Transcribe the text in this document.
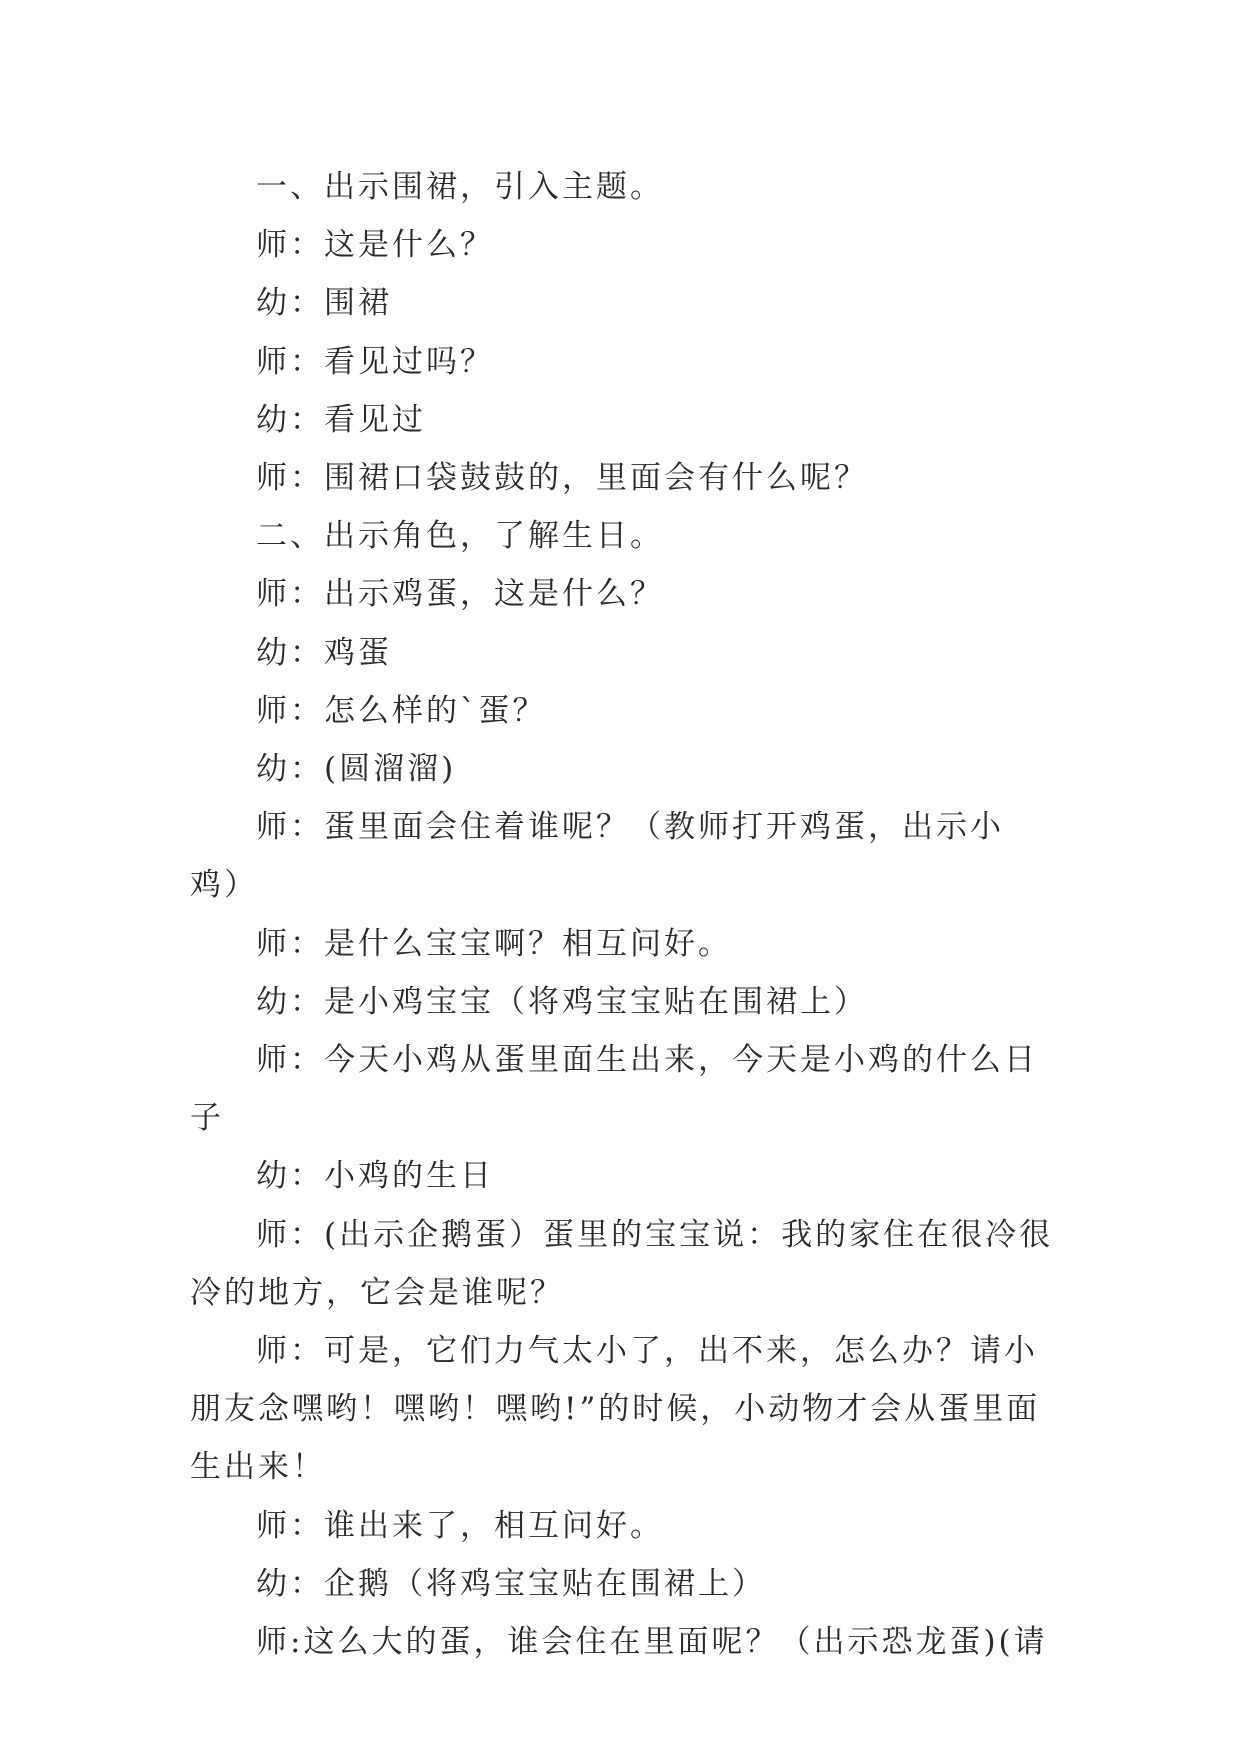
一、出示围裙，引入主题。

师：这是什么？

幼：围裙

师：看见过吗？

幼：看见过

师：围裙口袋鼓鼓的，里面会有什么呢？

二、出示角色，了解生日。

师：出示鸡蛋，这是什么？

幼：鸡蛋

师：怎么样的`蛋？

幼：(圆溜溜)

师：蛋里面会住着谁呢？（教师打开鸡蛋，出示小鸡）

师：是什么宝宝啊？相互问好。

幼：是小鸡宝宝（将鸡宝宝贴在围裙上）

师：今天小鸡从蛋里面生出来，今天是小鸡的什么日子

幼：小鸡的生日

师：(出示企鹅蛋）蛋里的宝宝说：我的家住在很冷很冷的地方，它会是谁呢？

师：可是，它们力气太小了，出不来，怎么办？请小朋友念嘿哟！嘿哟！嘿哟!”的时候，小动物才会从蛋里面生出来！

师：谁出来了，相互问好。

幼：企鹅（将鸡宝宝贴在围裙上）

师:这么大的蛋，谁会住在里面呢？（出示恐龙蛋)(请
